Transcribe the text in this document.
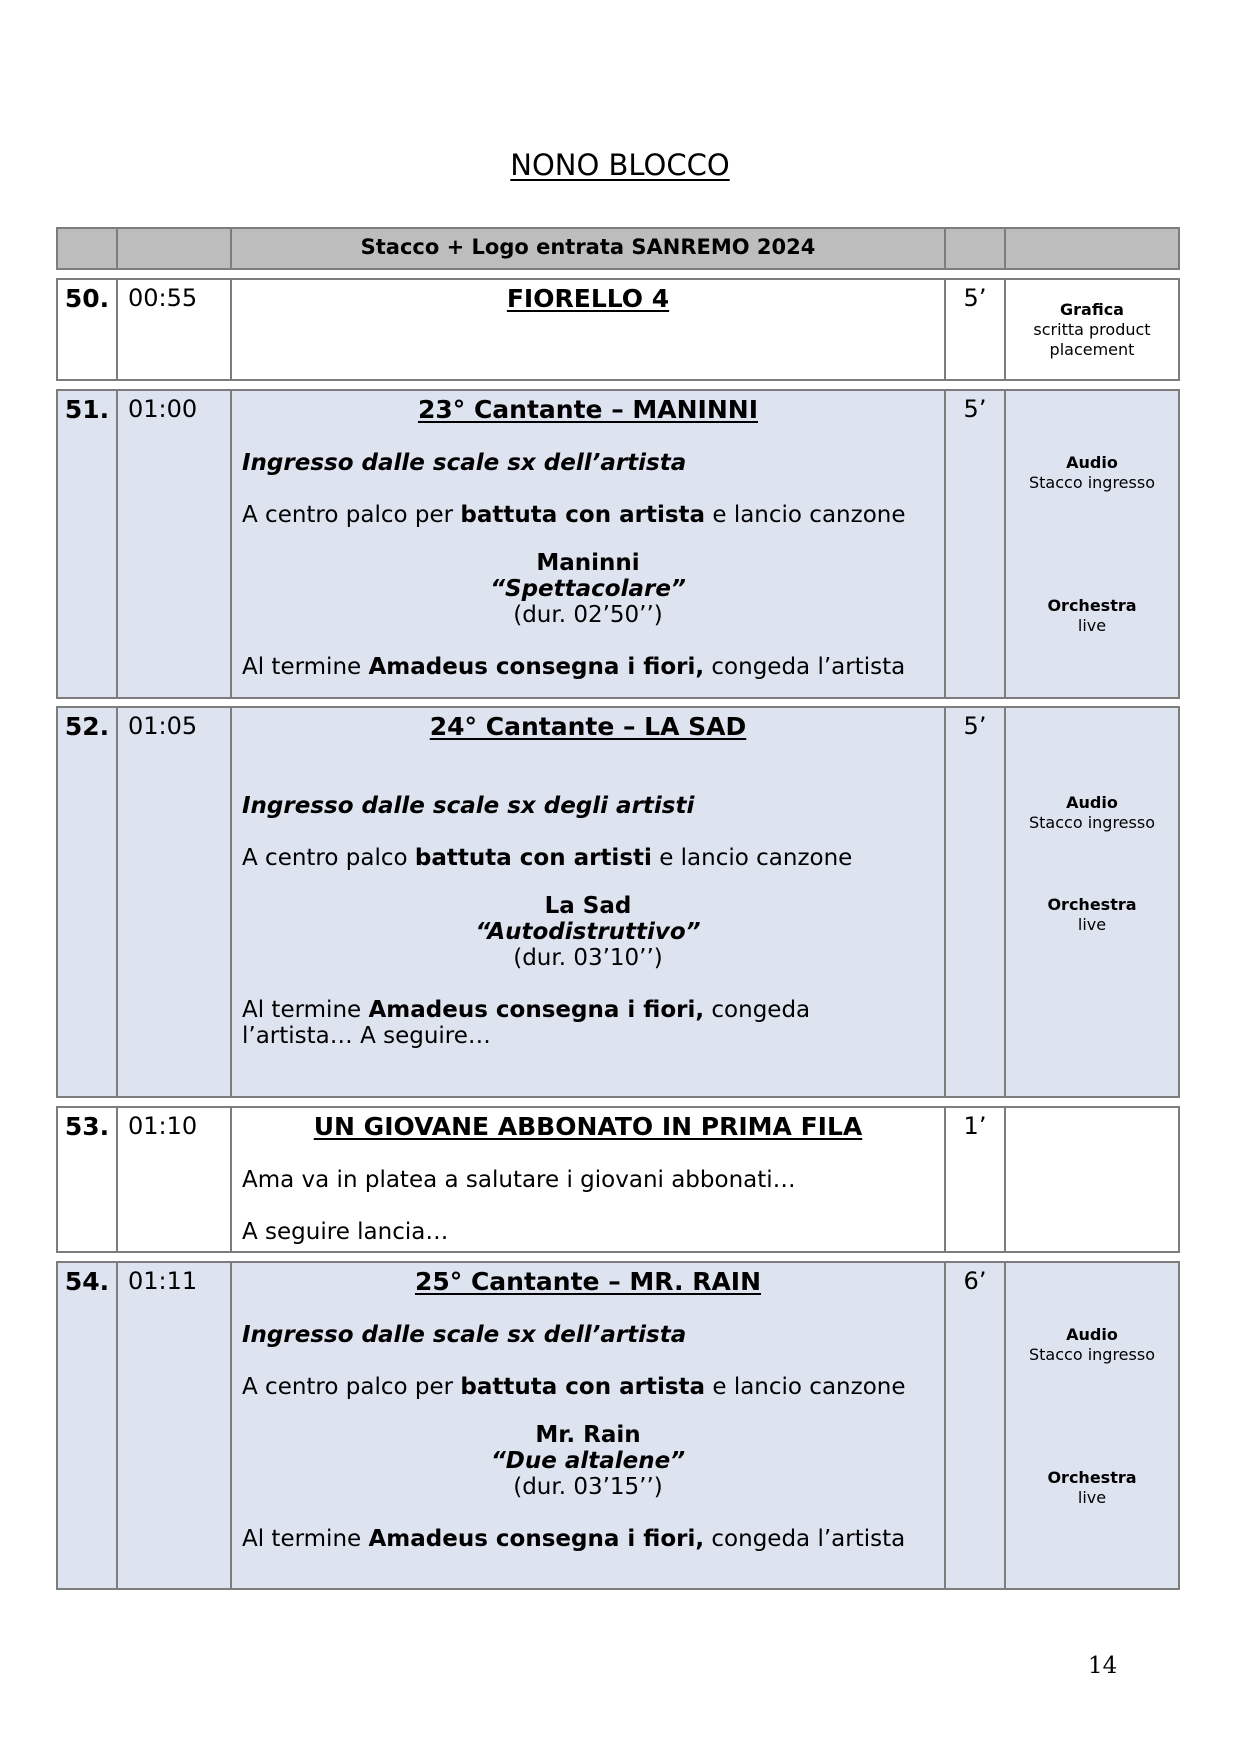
NONO BLOCCO

Stacco + Logo entrata SANREMO 2024

50.	00:55	FIORELLO 4	5’	Grafica
scritta product placement
51.	01:00	23° Cantante – MANINNI

Ingresso dalle scale sx dell’artista

A centro palco per battuta con artista e lancio canzone

Maninni
“Spettacolare”
(dur. 02’50’’)

Al termine Amadeus consegna i fiori, congeda l’artista

	5’	
Audio
Stacco ingresso
Orchestra
live
52.	01:05	24° Cantante – LA SAD

Ingresso dalle scale sx degli artisti

A centro palco battuta con artisti e lancio canzone

La Sad
“Autodistruttivo”
(dur. 03’10’’)

Al termine Amadeus consegna i fiori, congeda l’artista… A seguire…

	5’	
Audio
Stacco ingresso
Orchestra
live
53.	01:10	UN GIOVANE ABBONATO IN PRIMA FILA

Ama va in platea a salutare i giovani abbonati…

A seguire lancia…

	1’	
54.	01:11	25° Cantante – MR. RAIN

Ingresso dalle scale sx dell’artista

A centro palco per battuta con artista e lancio canzone

Mr. Rain
“Due altalene”
(dur. 03’15’’)

Al termine Amadeus consegna i fiori, congeda l’artista

	6’	
Audio
Stacco ingresso
Orchestra
live
14
